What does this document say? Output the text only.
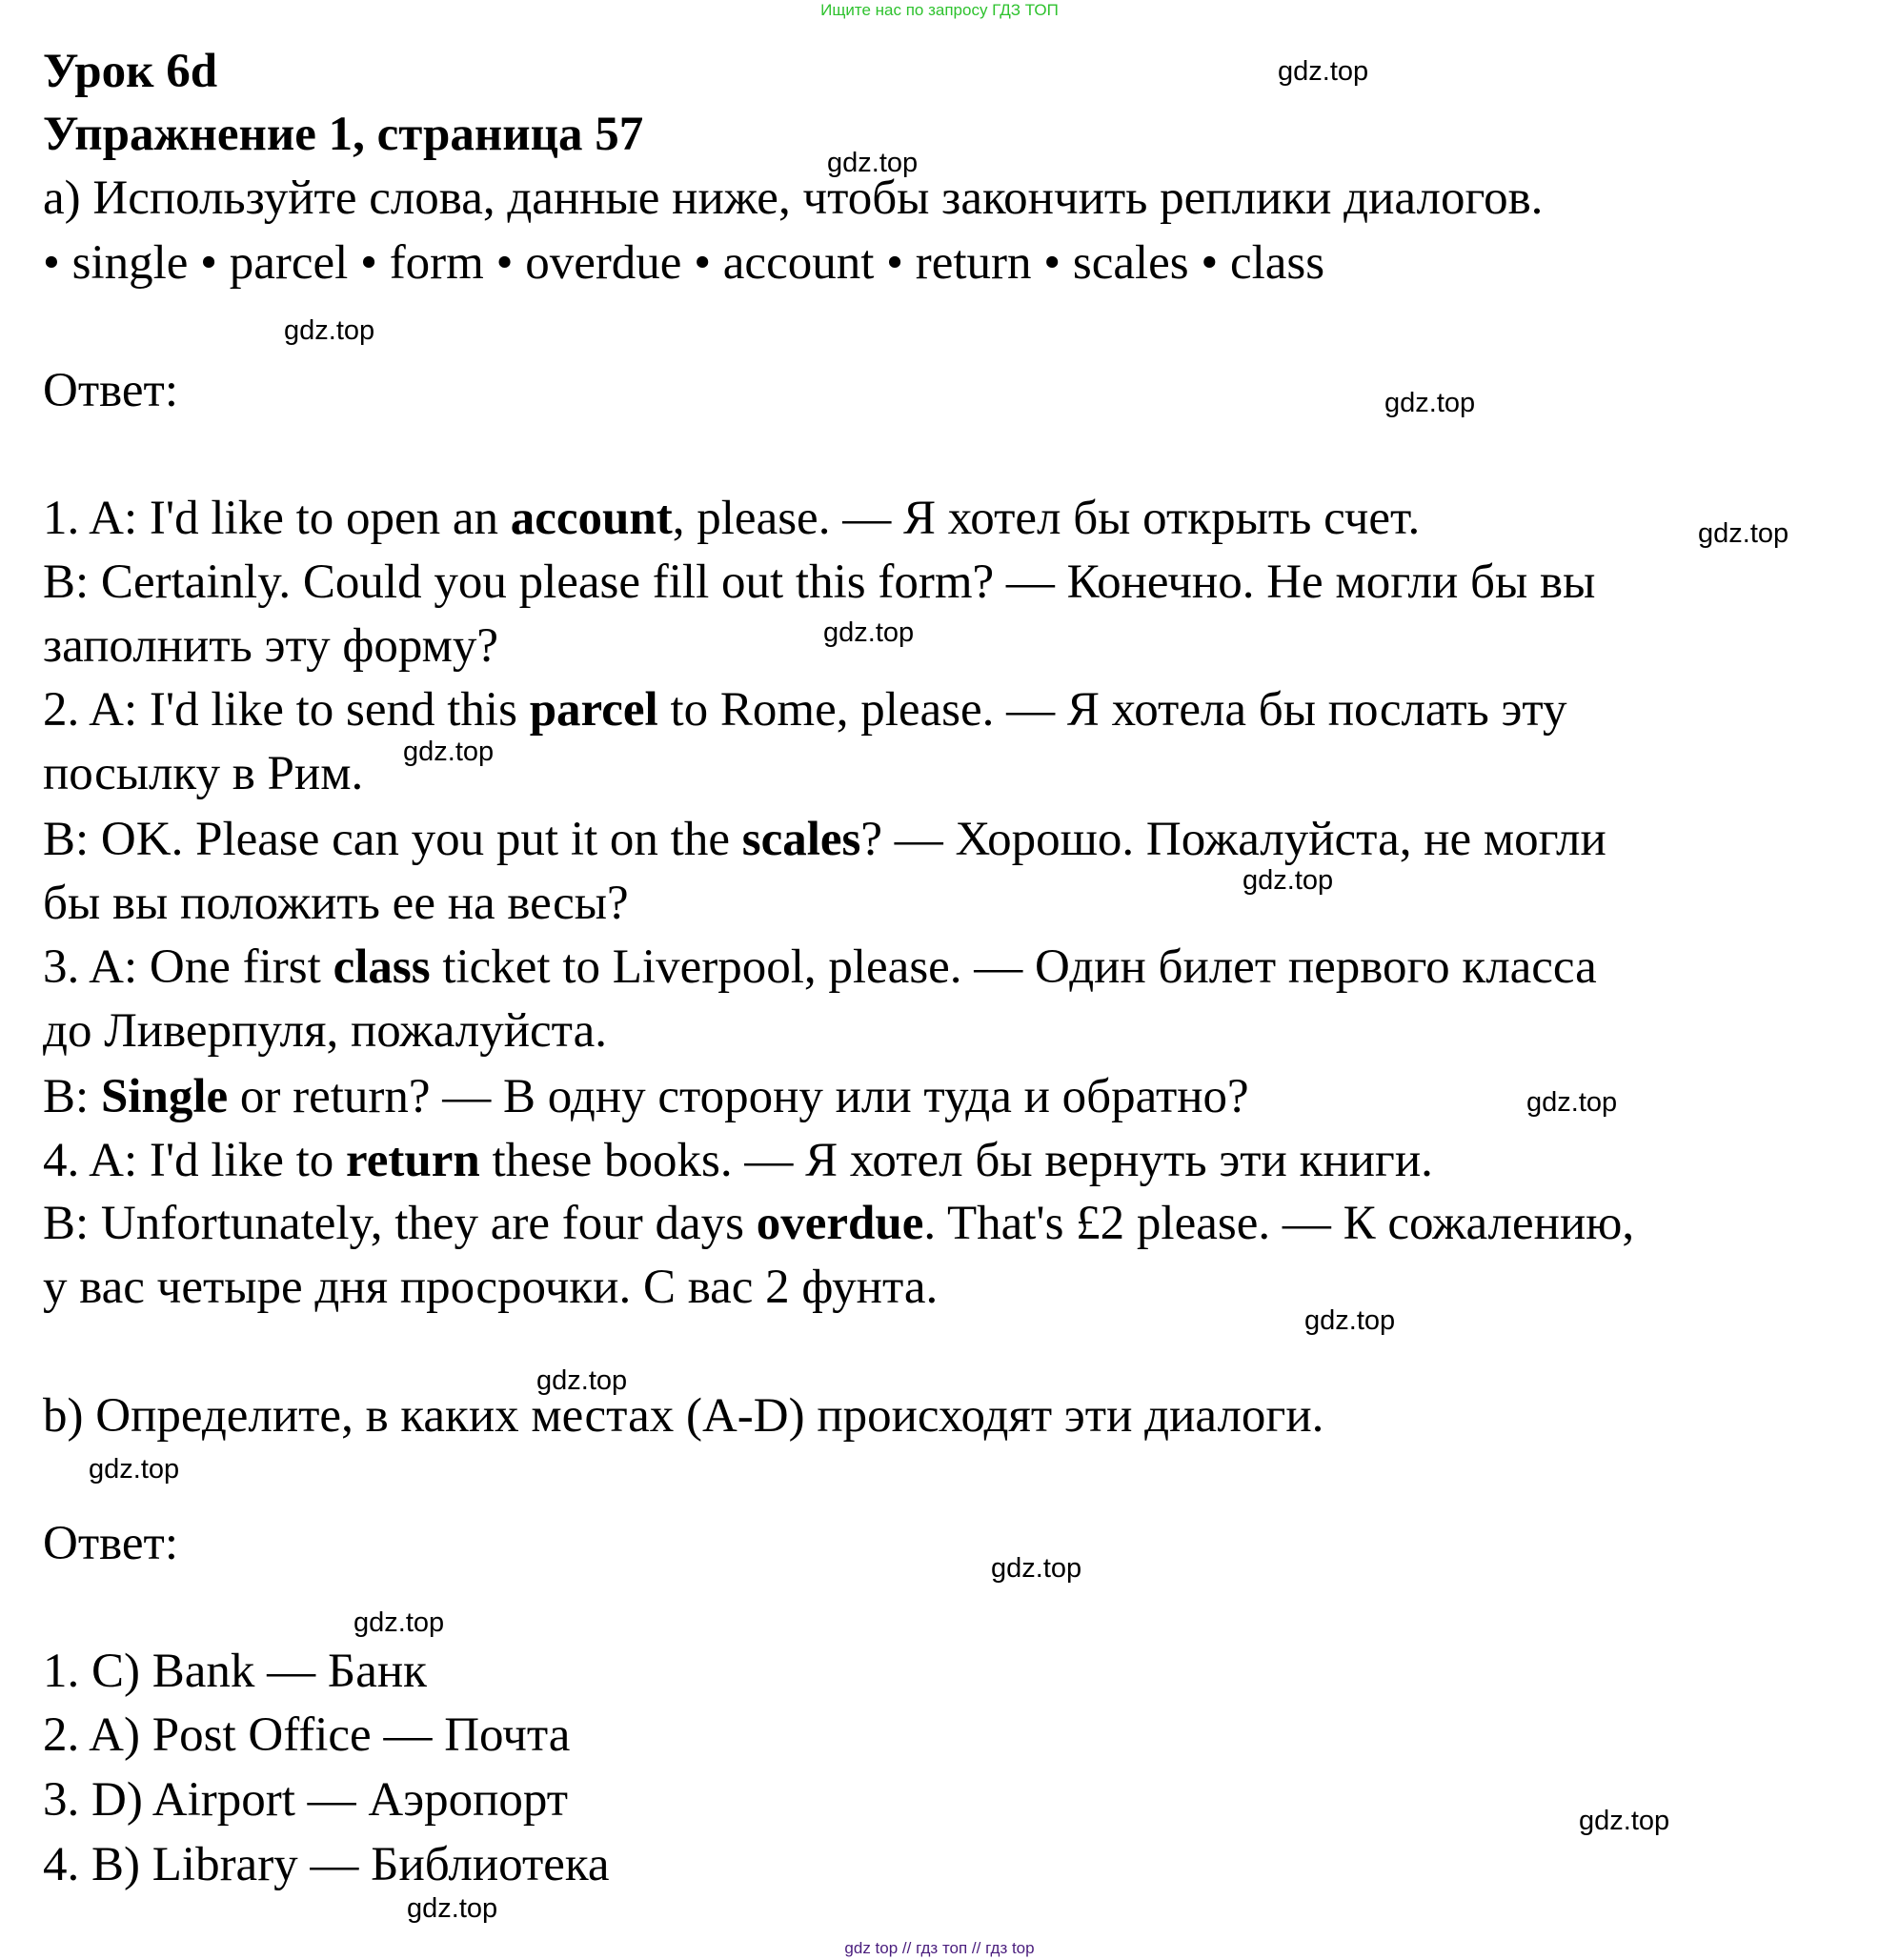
Ищите нас по запросу ГДЗ ТОП
Урок 6d
Упражнение 1, страница 57
a) Используйте слова, данные ниже, чтобы закончить реплики диалогов.
• single • parcel • form • overdue • account • return • scales • class
Ответ:
1. A: I'd like to open an account, please. — Я хотел бы открыть счет.
B: Certainly. Could you please fill out this form? — Конечно. Не могли бы вы
заполнить эту форму?
2. A: I'd like to send this parcel to Rome, please. — Я хотела бы послать эту
посылку в Рим.
B: OK. Please can you put it on the scales? — Хорошо. Пожалуйста, не могли
бы вы положить ее на весы?
3. A: One first class ticket to Liverpool, please. — Один билет первого класса
до Ливерпуля, пожалуйста.
B: Single or return? — В одну сторону или туда и обратно?
4. A: I'd like to return these books. — Я хотел бы вернуть эти книги.
B: Unfortunately, they are four days overdue. That's £2 please. — К сожалению,
у вас четыре дня просрочки. С вас 2 фунта.
b) Определите, в каких местах (A-D) происходят эти диалоги.
Ответ:
1. C) Bank — Банк
2. A) Post Office — Почта
3. D) Airport — Аэропорт
4. B) Library — Библиотека
gdz.top
gdz.top
gdz.top
gdz.top
gdz.top
gdz.top
gdz.top
gdz.top
gdz.top
gdz.top
gdz.top
gdz.top
gdz.top
gdz.top
gdz.top
gdz.top
gdz top // гдз топ // гдз top
